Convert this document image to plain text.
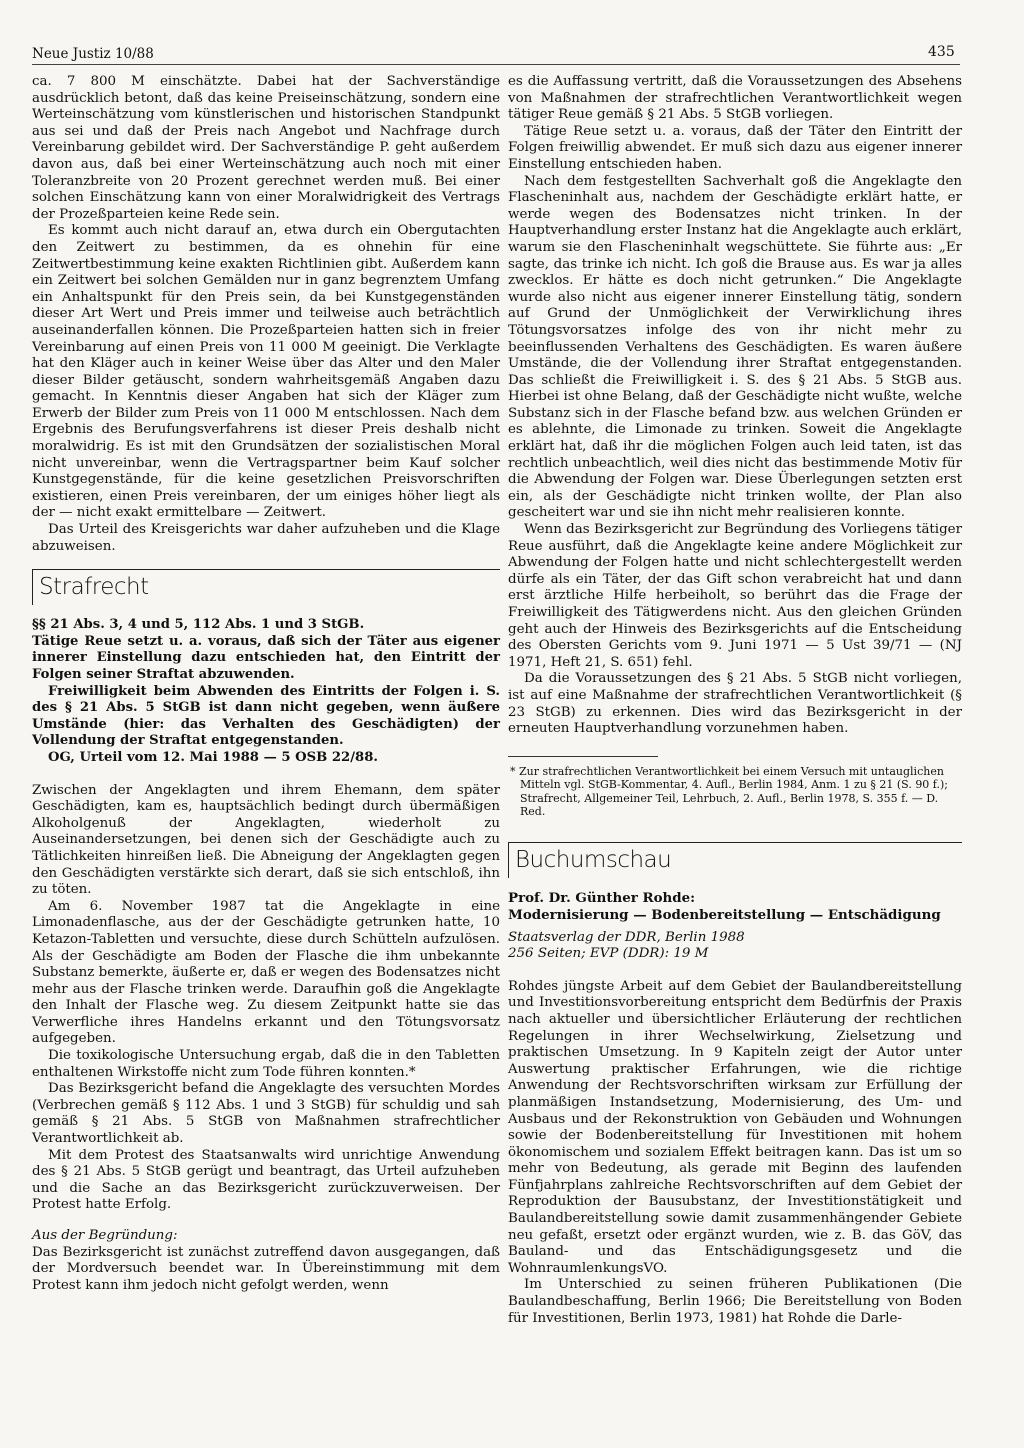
Neue Justiz 10/88	435

ca. 7 800 M einschätzte. Dabei hat der Sachverständige ausdrücklich betont, daß das keine Preiseinschätzung, sondern eine Werteinschätzung vom künstlerischen und historischen Standpunkt aus sei und daß der Preis nach Angebot und Nachfrage durch Vereinbarung gebildet wird. Der Sachverständige P. geht außerdem davon aus, daß bei einer Werteinschätzung auch noch mit einer Toleranzbreite von 20 Prozent gerechnet werden muß. Bei einer solchen Einschätzung kann von einer Moralwidrigkeit des Vertrags der Prozeßparteien keine Rede sein.

Es kommt auch nicht darauf an, etwa durch ein Obergutachten den Zeitwert zu bestimmen, da es ohnehin für eine Zeitwertbestimmung keine exakten Richtlinien gibt. Außerdem kann ein Zeitwert bei solchen Gemälden nur in ganz begrenztem Umfang ein Anhaltspunkt für den Preis sein, da bei Kunstgegenständen dieser Art Wert und Preis immer und teilweise auch beträchtlich auseinanderfallen können. Die Prozeßparteien hatten sich in freier Vereinbarung auf einen Preis von 11 000 M geeinigt. Die Verklagte hat den Kläger auch in keiner Weise über das Alter und den Maler dieser Bilder getäuscht, sondern wahrheitsgemäß Angaben dazu gemacht. In Kenntnis dieser Angaben hat sich der Kläger zum Erwerb der Bilder zum Preis von 11 000 M entschlossen. Nach dem Ergebnis des Berufungsverfahrens ist dieser Preis deshalb nicht moralwidrig. Es ist mit den Grundsätzen der sozialistischen Moral nicht unvereinbar, wenn die Vertragspartner beim Kauf solcher Kunstgegenstände, für die keine gesetzlichen Preisvorschriften existieren, einen Preis vereinbaren, der um einiges höher liegt als der — nicht exakt ermittelbare — Zeitwert.

Das Urteil des Kreisgerichts war daher aufzuheben und die Klage abzuweisen.

Strafrecht

§§ 21 Abs. 3, 4 und 5, 112 Abs. 1 und 3 StGB.

Tätige Reue setzt u. a. voraus, daß sich der Täter aus eigener innerer Einstellung dazu entschieden hat, den Eintritt der Folgen seiner Straftat abzuwenden.

Freiwilligkeit beim Abwenden des Eintritts der Folgen i. S. des § 21 Abs. 5 StGB ist dann nicht gegeben, wenn äußere Umstände (hier: das Verhalten des Geschädigten) der Vollendung der Straftat entgegenstanden.

OG, Urteil vom 12. Mai 1988 — 5 OSB 22/88.

Zwischen der Angeklagten und ihrem Ehemann, dem später Geschädigten, kam es, hauptsächlich bedingt durch übermäßigen Alkoholgenuß der Angeklagten, wiederholt zu Auseinandersetzungen, bei denen sich der Geschädigte auch zu Tätlichkeiten hinreißen ließ. Die Abneigung der Angeklagten gegen den Geschädigten verstärkte sich derart, daß sie sich entschloß, ihn zu töten.

Am 6. November 1987 tat die Angeklagte in eine Limonadenflasche, aus der der Geschädigte getrunken hatte, 10 Ketazon-Tabletten und versuchte, diese durch Schütteln aufzulösen. Als der Geschädigte am Boden der Flasche die ihm unbekannte Substanz bemerkte, äußerte er, daß er wegen des Bodensatzes nicht mehr aus der Flasche trinken werde. Daraufhin goß die Angeklagte den Inhalt der Flasche weg. Zu diesem Zeitpunkt hatte sie das Verwerfliche ihres Handelns erkannt und den Tötungsvorsatz aufgegeben.

Die toxikologische Untersuchung ergab, daß die in den Tabletten enthaltenen Wirkstoffe nicht zum Tode führen konnten.*

Das Bezirksgericht befand die Angeklagte des versuchten Mordes (Verbrechen gemäß § 112 Abs. 1 und 3 StGB) für schuldig und sah gemäß § 21 Abs. 5 StGB von Maßnahmen strafrechtlicher Verantwortlichkeit ab.

Mit dem Protest des Staatsanwalts wird unrichtige Anwendung des § 21 Abs. 5 StGB gerügt und beantragt, das Urteil aufzuheben und die Sache an das Bezirksgericht zurückzuverweisen. Der Protest hatte Erfolg.

Aus der Begründung:

Das Bezirksgericht ist zunächst zutreffend davon ausgegangen, daß der Mordversuch beendet war. In Übereinstimmung mit dem Protest kann ihm jedoch nicht gefolgt werden, wenn

es die Auffassung vertritt, daß die Voraussetzungen des Absehens von Maßnahmen der strafrechtlichen Verantwortlichkeit wegen tätiger Reue gemäß § 21 Abs. 5 StGB vorliegen.

Tätige Reue setzt u. a. voraus, daß der Täter den Eintritt der Folgen freiwillig abwendet. Er muß sich dazu aus eigener innerer Einstellung entschieden haben.

Nach dem festgestellten Sachverhalt goß die Angeklagte den Flascheninhalt aus, nachdem der Geschädigte erklärt hatte, er werde wegen des Bodensatzes nicht trinken. In der Hauptverhandlung erster Instanz hat die Angeklagte auch erklärt, warum sie den Flascheninhalt wegschüttete. Sie führte aus: „Er sagte, das trinke ich nicht. Ich goß die Brause aus. Es war ja alles zwecklos. Er hätte es doch nicht getrunken.“ Die Angeklagte wurde also nicht aus eigener innerer Einstellung tätig, sondern auf Grund der Unmöglichkeit der Verwirklichung ihres Tötungsvorsatzes infolge des von ihr nicht mehr zu beeinflussenden Verhaltens des Geschädigten. Es waren äußere Umstände, die der Vollendung ihrer Straftat entgegenstanden. Das schließt die Freiwilligkeit i. S. des § 21 Abs. 5 StGB aus. Hierbei ist ohne Belang, daß der Geschädigte nicht wußte, welche Substanz sich in der Flasche befand bzw. aus welchen Gründen er es ablehnte, die Limonade zu trinken. Soweit die Angeklagte erklärt hat, daß ihr die möglichen Folgen auch leid taten, ist das rechtlich unbeachtlich, weil dies nicht das bestimmende Motiv für die Abwendung der Folgen war. Diese Überlegungen setzten erst ein, als der Geschädigte nicht trinken wollte, der Plan also gescheitert war und sie ihn nicht mehr realisieren konnte.

Wenn das Bezirksgericht zur Begründung des Vorliegens tätiger Reue ausführt, daß die Angeklagte keine andere Möglichkeit zur Abwendung der Folgen hatte und nicht schlechtergestellt werden dürfe als ein Täter, der das Gift schon verabreicht hat und dann erst ärztliche Hilfe herbeiholt, so berührt das die Frage der Freiwilligkeit des Tätigwerdens nicht. Aus den gleichen Gründen geht auch der Hinweis des Bezirksgerichts auf die Entscheidung des Obersten Gerichts vom 9. Juni 1971 — 5 Ust 39/71 — (NJ 1971, Heft 21, S. 651) fehl.

Da die Voraussetzungen des § 21 Abs. 5 StGB nicht vorliegen, ist auf eine Maßnahme der strafrechtlichen Verantwortlichkeit (§ 23 StGB) zu erkennen. Dies wird das Bezirksgericht in der erneuten Hauptverhandlung vorzunehmen haben.

* Zur strafrechtlichen Verantwortlichkeit bei einem Versuch mit untauglichen Mitteln vgl. StGB-Kommentar, 4. Aufl., Berlin 1984, Anm. 1 zu § 21 (S. 90 f.); Strafrecht, Allgemeiner Teil, Lehrbuch, 2. Aufl., Berlin 1978, S. 355 f. — D. Red.

Buchumschau

Prof. Dr. Günther Rohde:

Modernisierung — Bodenbereitstellung — Entschädigung

Staatsverlag der DDR, Berlin 1988

256 Seiten; EVP (DDR): 19 M

Rohdes jüngste Arbeit auf dem Gebiet der Baulandbereitstellung und Investitionsvorbereitung entspricht dem Bedürfnis der Praxis nach aktueller und übersichtlicher Erläuterung der rechtlichen Regelungen in ihrer Wechselwirkung, Zielsetzung und praktischen Umsetzung. In 9 Kapiteln zeigt der Autor unter Auswertung praktischer Erfahrungen, wie die richtige Anwendung der Rechtsvorschriften wirksam zur Erfüllung der planmäßigen Instandsetzung, Modernisierung, des Um- und Ausbaus und der Rekonstruktion von Gebäuden und Wohnungen sowie der Bodenbereitstellung für Investitionen mit hohem ökonomischem und sozialem Effekt beitragen kann. Das ist um so mehr von Bedeutung, als gerade mit Beginn des laufenden Fünfjahrplans zahlreiche Rechtsvorschriften auf dem Gebiet der Reproduktion der Bausubstanz, der Investitionstätigkeit und Baulandbereitstellung sowie damit zusammenhängender Gebiete neu gefaßt, ersetzt oder ergänzt wurden, wie z. B. das GöV, das Bauland- und das Entschädigungsgesetz und die WohnraumlenkungsVO.

Im Unterschied zu seinen früheren Publikationen (Die Baulandbeschaffung, Berlin 1966; Die Bereitstellung von Boden für Investitionen, Berlin 1973, 1981) hat Rohde die Darle-
